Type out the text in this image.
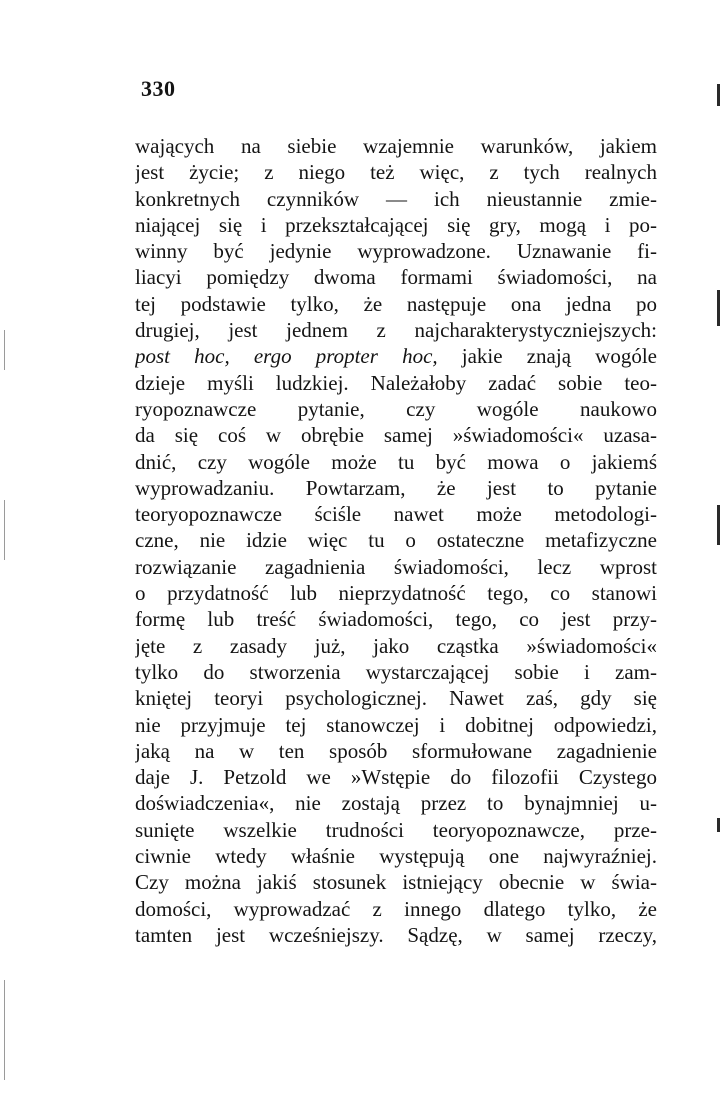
330
wających na siebie wzajemnie warunków, jakiem
jest życie; z niego też więc, z tych realnych
konkretnych czynników — ich nieustannie zmie-
niającej się i przekształcającej się gry, mogą i po-
winny być jedynie wyprowadzone. Uznawanie fi-
liacyi pomiędzy dwoma formami świadomości, na
tej podstawie tylko, że następuje ona jedna po
drugiej, jest jednem z najcharakterystyczniejszych:
post hoc, ergo propter hoc, jakie znają wogóle
dzieje myśli ludzkiej. Należałoby zadać sobie teo-
ryopoznawcze pytanie, czy wogóle naukowo
da się coś w obrębie samej »świadomości« uzasa-
dnić, czy wogóle może tu być mowa o jakiemś
wyprowadzaniu. Powtarzam, że jest to pytanie
teoryopoznawcze ściśle nawet może metodologi-
czne, nie idzie więc tu o ostateczne metafizyczne
rozwiązanie zagadnienia świadomości, lecz wprost
o przydatność lub nieprzydatność tego, co stanowi
formę lub treść świadomości, tego, co jest przy-
jęte z zasady już, jako cząstka »świadomości«
tylko do stworzenia wystarczającej sobie i zam-
kniętej teoryi psychologicznej. Nawet zaś, gdy się
nie przyjmuje tej stanowczej i dobitnej odpowiedzi,
jaką na w ten sposób sformułowane zagadnienie
daje J. Petzold we »Wstępie do filozofii Czystego
doświadczenia«, nie zostają przez to bynajmniej u-
sunięte wszelkie trudności teoryopoznawcze, prze-
ciwnie wtedy właśnie występują one najwyraźniej.
Czy można jakiś stosunek istniejący obecnie w świa-
domości, wyprowadzać z innego dlatego tylko, że
tamten jest wcześniejszy. Sądzę, w samej rzeczy,
